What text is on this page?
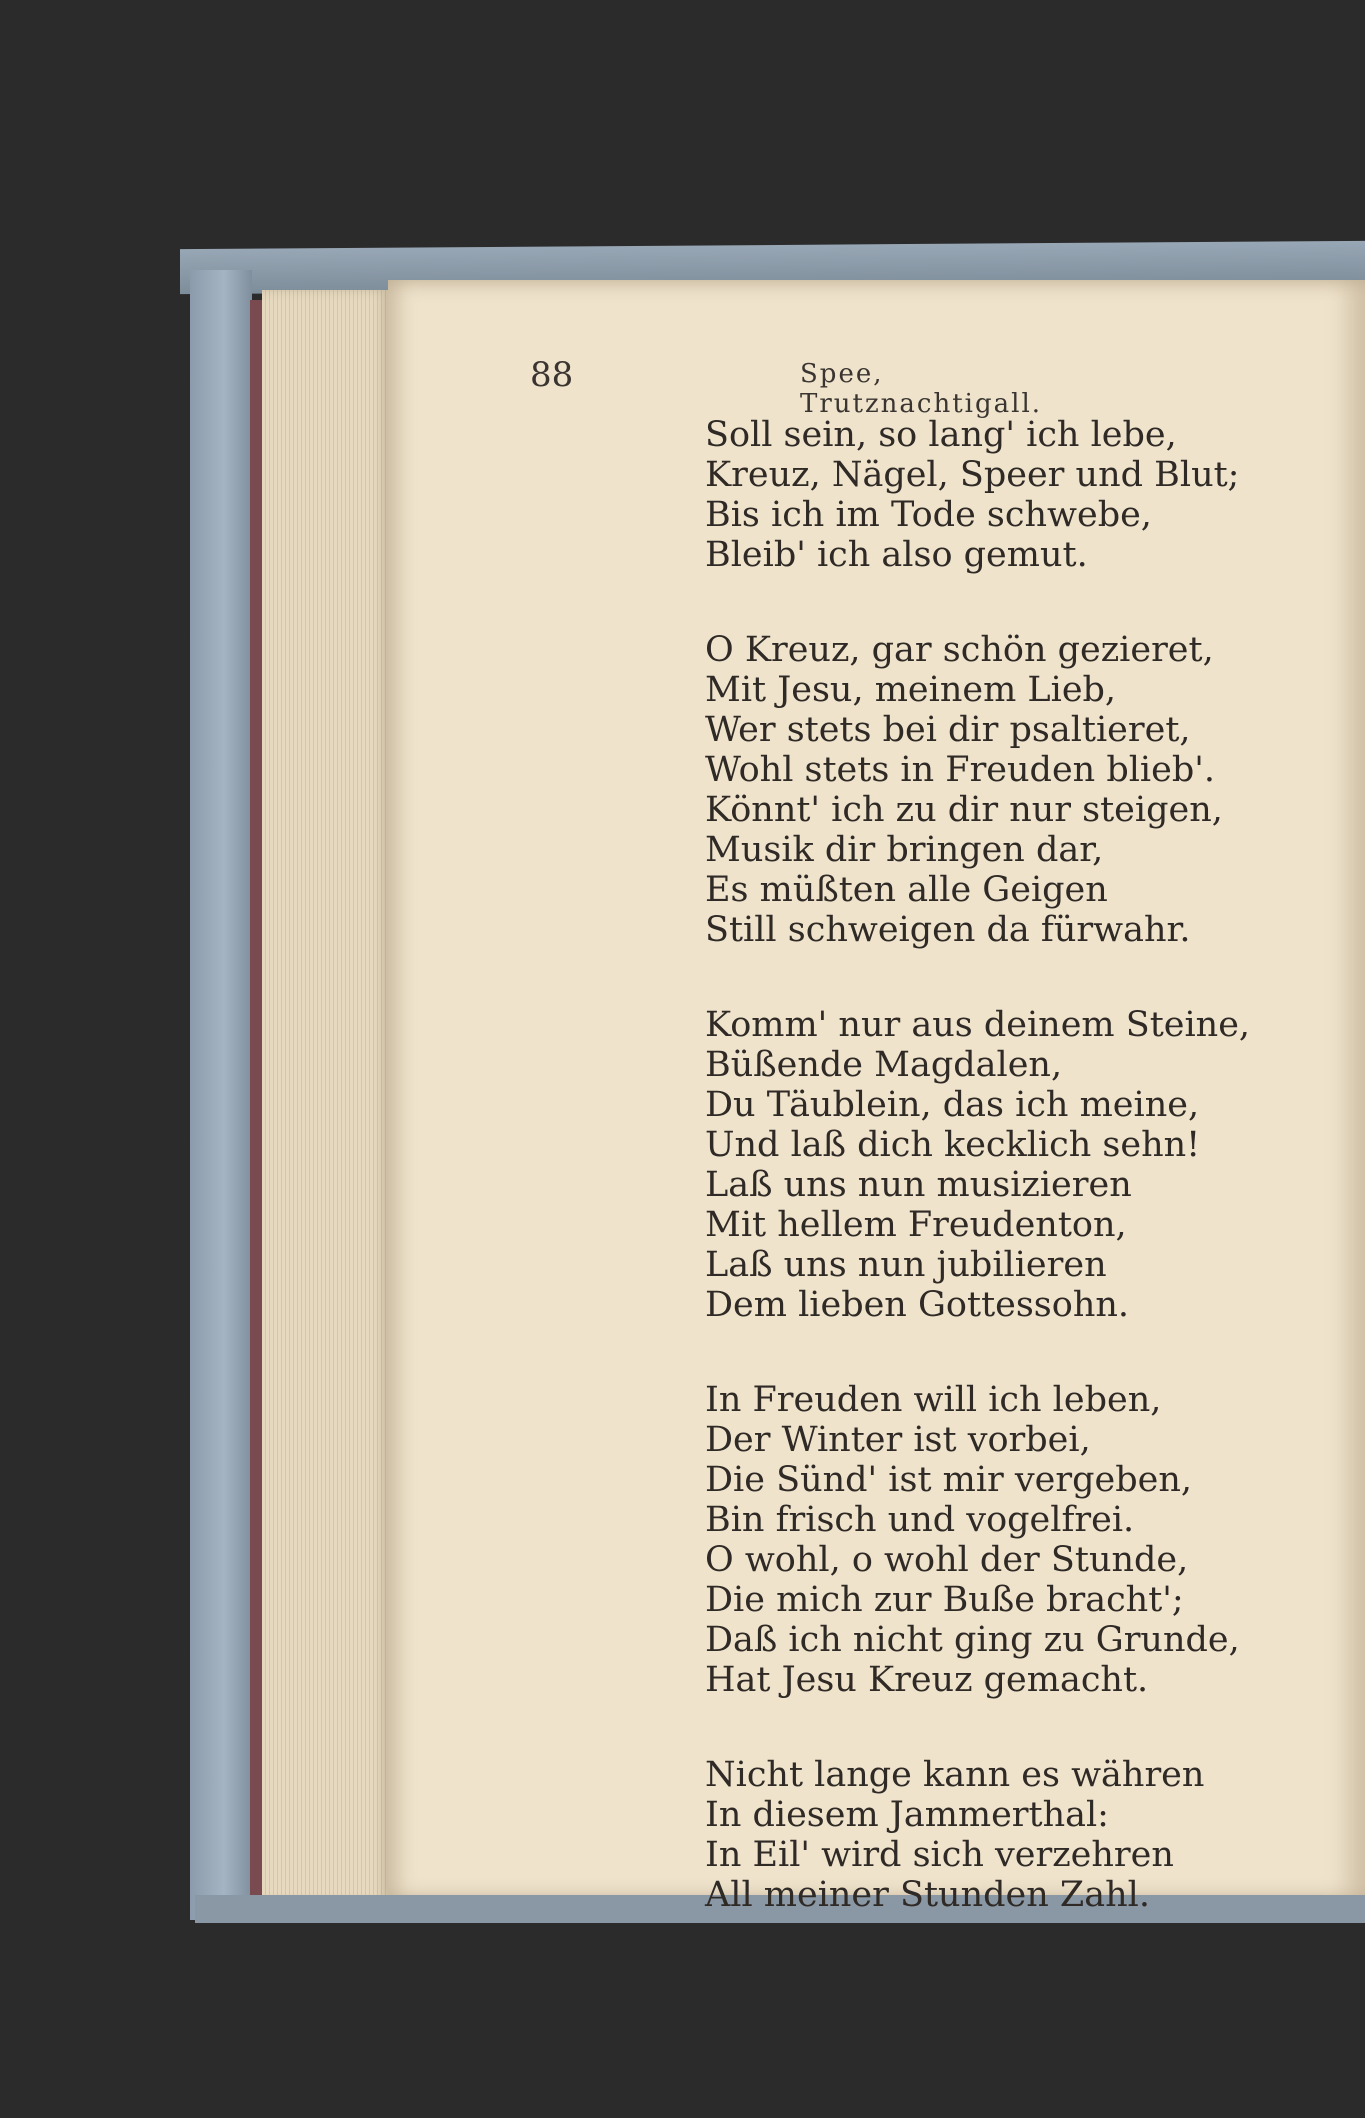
88	Spee, Trutznachtigall.
Soll sein, so lang' ich lebe,
Kreuz, Nägel, Speer und Blut;
Bis ich im Tode schwebe,
Bleib' ich also gemut.
O Kreuz, gar schön gezieret,
Mit Jesu, meinem Lieb,
Wer stets bei dir psaltieret,
Wohl stets in Freuden blieb'.
Könnt' ich zu dir nur steigen,
Musik dir bringen dar,
Es müßten alle Geigen
Still schweigen da fürwahr.
Komm' nur aus deinem Steine,
Büßende Magdalen,
Du Täublein, das ich meine,
Und laß dich kecklich sehn!
Laß uns nun musizieren
Mit hellem Freudenton,
Laß uns nun jubilieren
Dem lieben Gottessohn.
In Freuden will ich leben,
Der Winter ist vorbei,
Die Sünd' ist mir vergeben,
Bin frisch und vogelfrei.
O wohl, o wohl der Stunde,
Die mich zur Buße bracht';
Daß ich nicht ging zu Grunde,
Hat Jesu Kreuz gemacht.
Nicht lange kann es währen
In diesem Jammerthal:
In Eil' wird sich verzehren
All meiner Stunden Zahl.
